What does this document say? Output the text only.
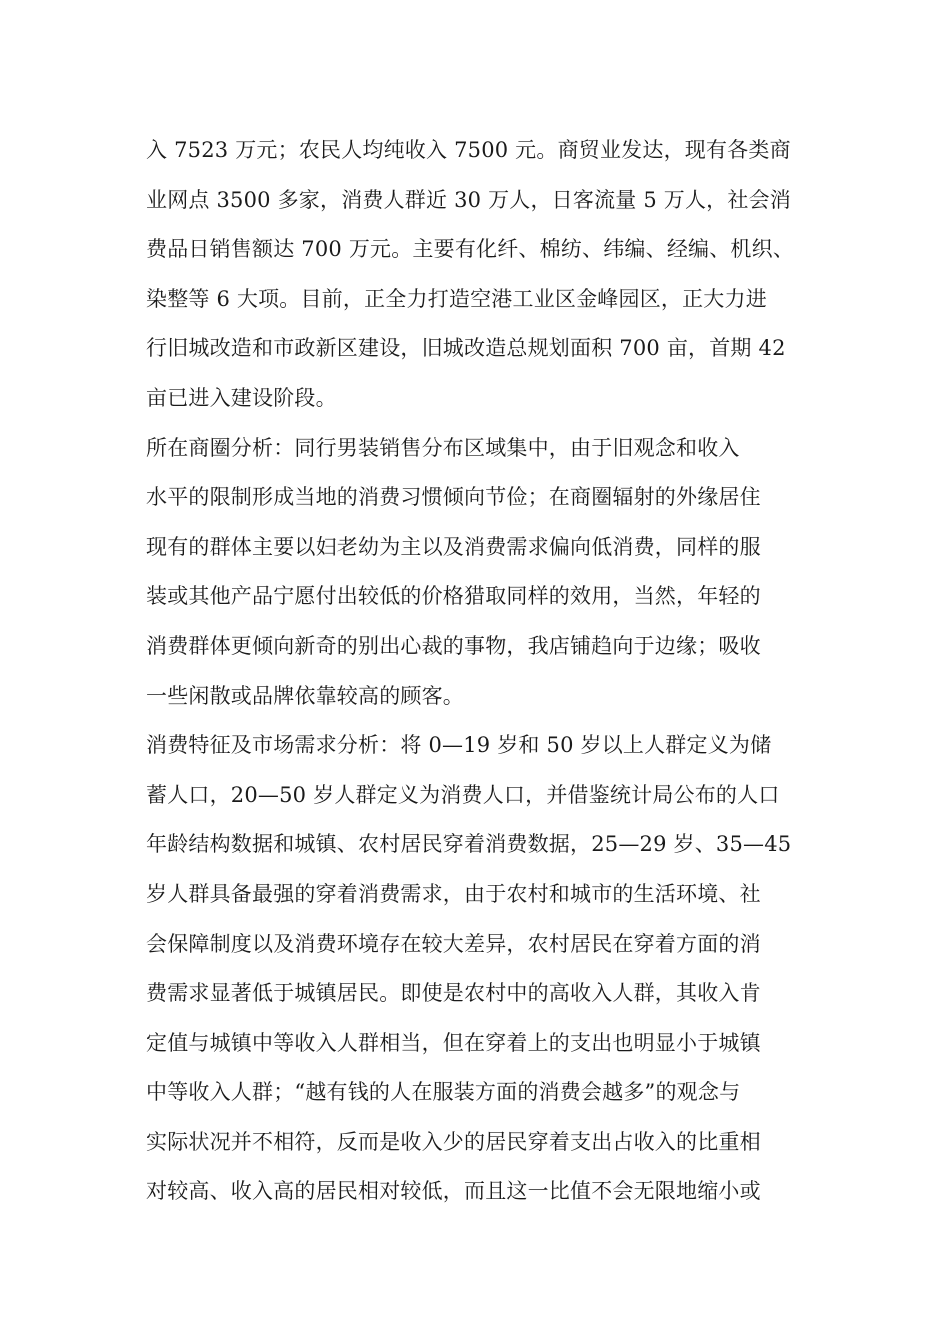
入 7523 万元；农民人均纯收入 7500 元。商贸业发达，现有各类商
业网点 3500 多家，消费人群近 30 万人，日客流量 5 万人，社会消
费品日销售额达 700 万元。主要有化纤、棉纺、纬编、经编、机织、
染整等 6 大项。目前，正全力打造空港工业区金峰园区，正大力进
行旧城改造和市政新区建设，旧城改造总规划面积 700 亩，首期 42
亩已进入建设阶段。
所在商圈分析：同行男装销售分布区域集中，由于旧观念和收入
水平的限制形成当地的消费习惯倾向节俭；在商圈辐射的外缘居住
现有的群体主要以妇老幼为主以及消费需求偏向低消费，同样的服
装或其他产品宁愿付出较低的价格猎取同样的效用，当然，年轻的
消费群体更倾向新奇的别出心裁的事物，我店铺趋向于边缘；吸收
一些闲散或品牌依靠较高的顾客。
消费特征及市场需求分析：将 0—19 岁和 50 岁以上人群定义为储
蓄人口，20—50 岁人群定义为消费人口，并借鉴统计局公布的人口
年龄结构数据和城镇、农村居民穿着消费数据，25—29 岁、35—45
岁人群具备最强的穿着消费需求，由于农村和城市的生活环境、社
会保障制度以及消费环境存在较大差异，农村居民在穿着方面的消
费需求显著低于城镇居民。即使是农村中的高收入人群，其收入肯
定值与城镇中等收入人群相当，但在穿着上的支出也明显小于城镇
中等收入人群；“越有钱的人在服装方面的消费会越多”的观念与
实际状况并不相符，反而是收入少的居民穿着支出占收入的比重相
对较高、收入高的居民相对较低，而且这一比值不会无限地缩小或
